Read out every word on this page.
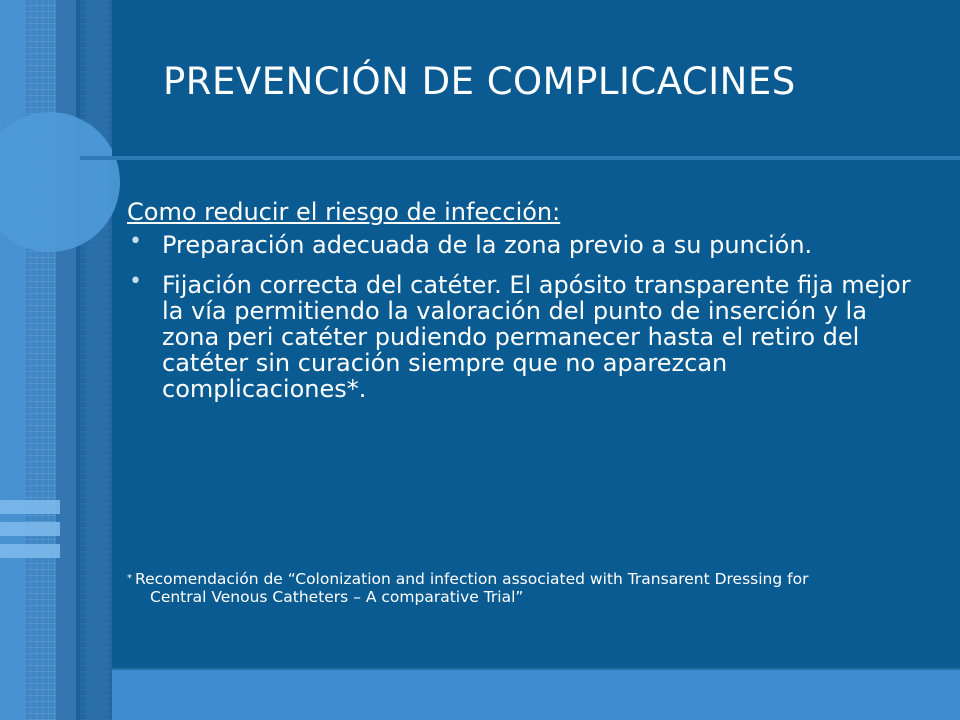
PREVENCIÓN DE COMPLICACINES
Como reducir el riesgo de infección:
• Preparación adecuada de la zona previo a su punción.
• Fijación correcta del catéter. El apósito transparente fija mejor la vía permitiendo la valoración del punto de inserción y la zona peri catéter pudiendo permanecer hasta el retiro del catéter sin curación siempre que no aparezcan complicaciones*.
* Recomendación de “Colonization and infection associated with Transarent Dressing for
Central Venous Catheters – A comparative Trial”
